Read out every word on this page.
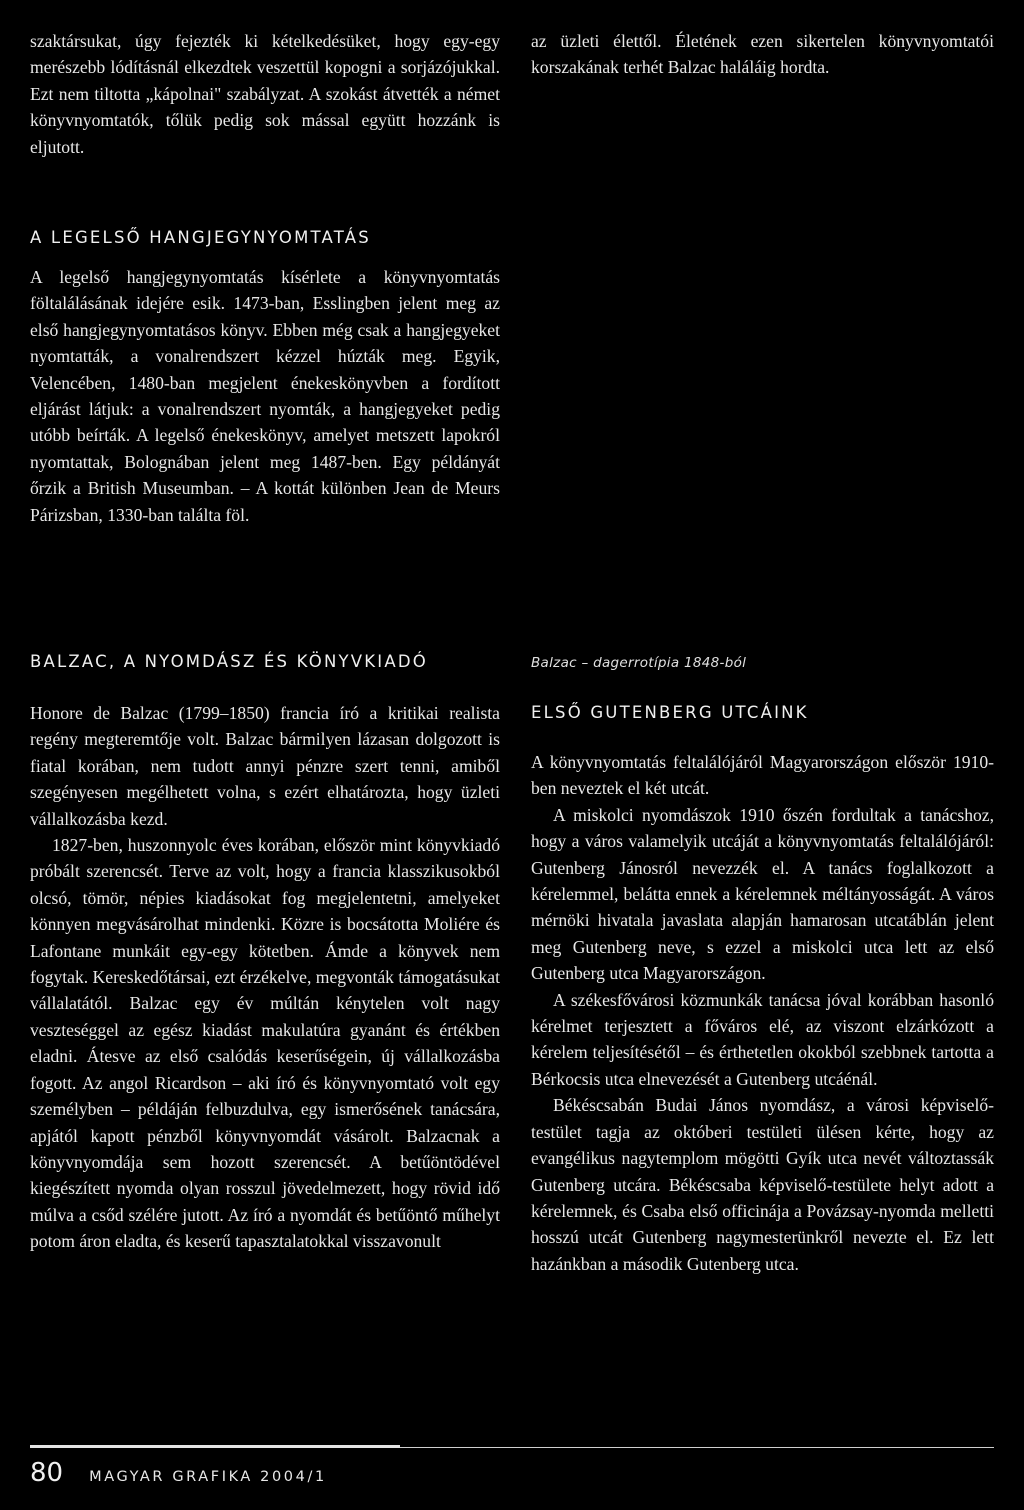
szaktársukat, úgy fejezték ki kételkedésüket, hogy egy-egy merészebb lódításnál elkezdtek veszettül kopogni a sorjázójukkal. Ezt nem tiltotta „kápolnai" szabályzat. A szokást átvették a német könyvnyomtatók, tőlük pedig sok mással együtt hozzánk is eljutott.

A LEGELSŐ HANGJEGYNYOMTATÁS

A legelső hangjegynyomtatás kísérlete a könyvnyomtatás föltalálásának idejére esik. 1473-ban, Esslingben jelent meg az első hangjegynyomtatásos könyv. Ebben még csak a hangjegyeket nyomtatták, a vonalrendszert kézzel húzták meg. Egyik, Velencében, 1480-ban megjelent énekeskönyvben a fordított eljárást látjuk: a vonalrendszert nyomták, a hangjegyeket pedig utóbb beírták. A legelső énekeskönyv, amelyet metszett lapokról nyomtattak, Bolognában jelent meg 1487-ben. Egy példányát őrzik a British Museumban. – A kottát különben Jean de Meurs Párizsban, 1330-ban találta föl.

BALZAC, A NYOMDÁSZ ÉS KÖNYVKIADÓ

Honore de Balzac (1799–1850) francia író a kritikai realista regény megteremtője volt. Balzac bármilyen lázasan dolgozott is fiatal korában, nem tudott annyi pénzre szert tenni, amiből szegényesen megélhetett volna, s ezért elhatározta, hogy üzleti vállalkozásba kezd.

1827-ben, huszonnyolc éves korában, először mint könyvkiadó próbált szerencsét. Terve az volt, hogy a francia klasszikusokból olcsó, tömör, népies kiadásokat fog megjelentetni, amelyeket könnyen megvásárolhat mindenki. Közre is bocsátotta Moliére és Lafontane munkáit egy-egy kötetben. Ámde a könyvek nem fogytak. Kereskedőtársai, ezt érzékelve, megvonták támogatásukat vállalatától. Balzac egy év múltán kénytelen volt nagy veszteséggel az egész kiadást makulatúra gyanánt és értékben eladni. Átesve az első csalódás keserűségein, új vállalkozásba fogott. Az angol Ricardson – aki író és könyvnyomtató volt egy személyben – példáján felbuzdulva, egy ismerősének tanácsára, apjától kapott pénzből könyvnyomdát vásárolt. Balzacnak a könyvnyomdája sem hozott szerencsét. A betűöntödével kiegészített nyomda olyan rosszul jövedelmezett, hogy rövid idő múlva a csőd szélére jutott. Az író a nyomdát és betűöntő műhelyt potom áron eladta, és keserű tapasztalatokkal visszavonult

az üzleti élettől. Életének ezen sikertelen könyvnyomtatói korszakának terhét Balzac haláláig hordta.

Balzac – dagerrotípia 1848-ból
ELSŐ GUTENBERG UTCÁINK

A könyvnyomtatás feltalálójáról Magyarországon először 1910-ben neveztek el két utcát.

A miskolci nyomdászok 1910 őszén fordultak a tanácshoz, hogy a város valamelyik utcáját a könyvnyomtatás feltalálójáról: Gutenberg Jánosról nevezzék el. A tanács foglalkozott a kérelemmel, belátta ennek a kérelemnek méltányosságát. A város mérnöki hivatala javaslata alapján hamarosan utcatáblán jelent meg Gutenberg neve, s ezzel a miskolci utca lett az első Gutenberg utca Magyarországon.

A székesfővárosi közmunkák tanácsa jóval korábban hasonló kérelmet terjesztett a főváros elé, az viszont elzárkózott a kérelem teljesítésétől – és érthetetlen okokból szebbnek tartotta a Bérkocsis utca elnevezését a Gutenberg utcáénál.

Békéscsabán Budai János nyomdász, a városi képviselő-testület tagja az októberi testületi ülésen kérte, hogy az evangélikus nagytemplom mögötti Gyík utca nevét változtassák Gutenberg utcára. Békéscsaba képviselő-testülete helyt adott a kérelemnek, és Csaba első officinája a Povázsay-nyomda melletti hosszú utcát Gutenberg nagymesterünkről nevezte el. Ez lett hazánkban a második Gutenberg utca.

80 MAGYAR GRAFIKA 2004/1
